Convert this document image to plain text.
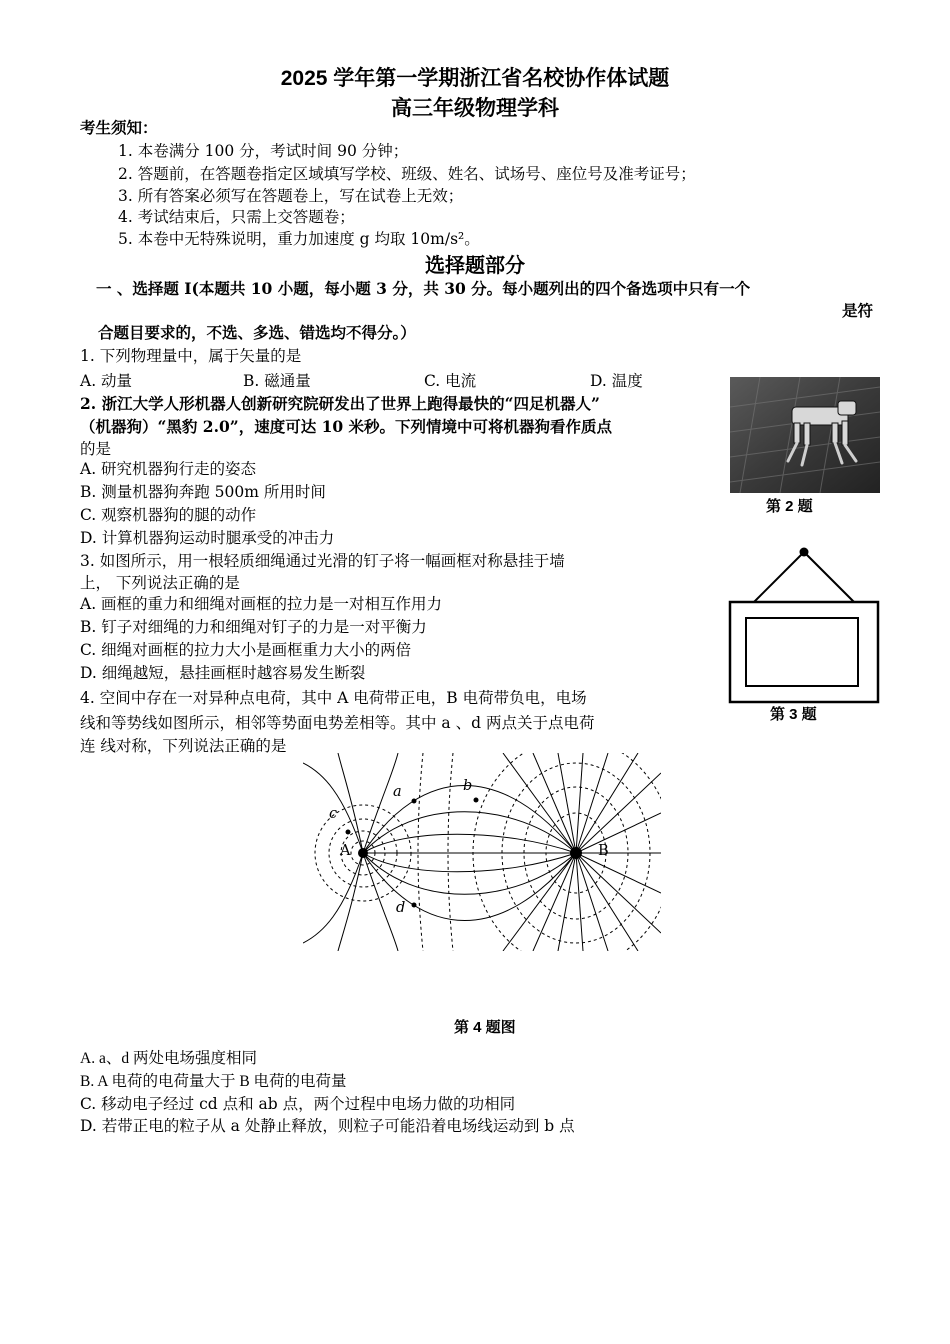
2025 学年第一学期浙江省名校协作体试题
高三年级物理学科
考生须知：
1. 本卷满分 100 分，考试时间 90 分钟；
2. 答题前，在答题卷指定区域填写学校、班级、姓名、试场号、座位号及准考证号；
3. 所有答案必须写在答题卷上，写在试卷上无效；
4. 考试结束后，只需上交答题卷；
5. 本卷中无特殊说明，重力加速度 g 均取 10m/s²。
选择题部分
一 、选择题 I(本题共 10 小题，每小题 3 分，共 30 分。每小题列出的四个备选项中只有一个
是符
合题目要求的，不选、多选、错选均不得分。）
1. 下列物理量中，属于矢量的是
A. 动量	B. 磁通量	C. 电流	D. 温度
2. 浙江大学人形机器人创新研究院研发出了世界上跑得最快的“四足机器人”
（机器狗）“黑豹 2.0”，速度可达 10 米秒。下列情境中可将机器狗看作质点
的是
A. 研究机器狗行走的姿态
B. 测量机器狗奔跑 500m 所用时间
C. 观察机器狗的腿的动作
D. 计算机器狗运动时腿承受的冲击力
第 2 题
3. 如图所示，用一根轻质细绳通过光滑的钉子将一幅画框对称悬挂于墙
上， 下列说法正确的是
A. 画框的重力和细绳对画框的拉力是一对相互作用力
B. 钉子对细绳的力和细绳对钉子的力是一对平衡力
C. 细绳对画框的拉力大小是画框重力大小的两倍
D. 细绳越短，悬挂画框时越容易发生断裂
第 3 题
4. 空间中存在一对异种点电荷，其中 A 电荷带正电，B 电荷带负电，电场
线和等势线如图所示，相邻等势面电势差相等。其中 a 、d 两点关于点电荷
连 线对称，下列说法正确的是
a	b
c
d
A	B
第 4 题图
A. a、d 两处电场强度相同
B. A 电荷的电荷量大于 B 电荷的电荷量
C. 移动电子经过 cd 点和 ab 点，两个过程中电场力做的功相同
D. 若带正电的粒子从 a 处静止释放，则粒子可能沿着电场线运动到 b 点
